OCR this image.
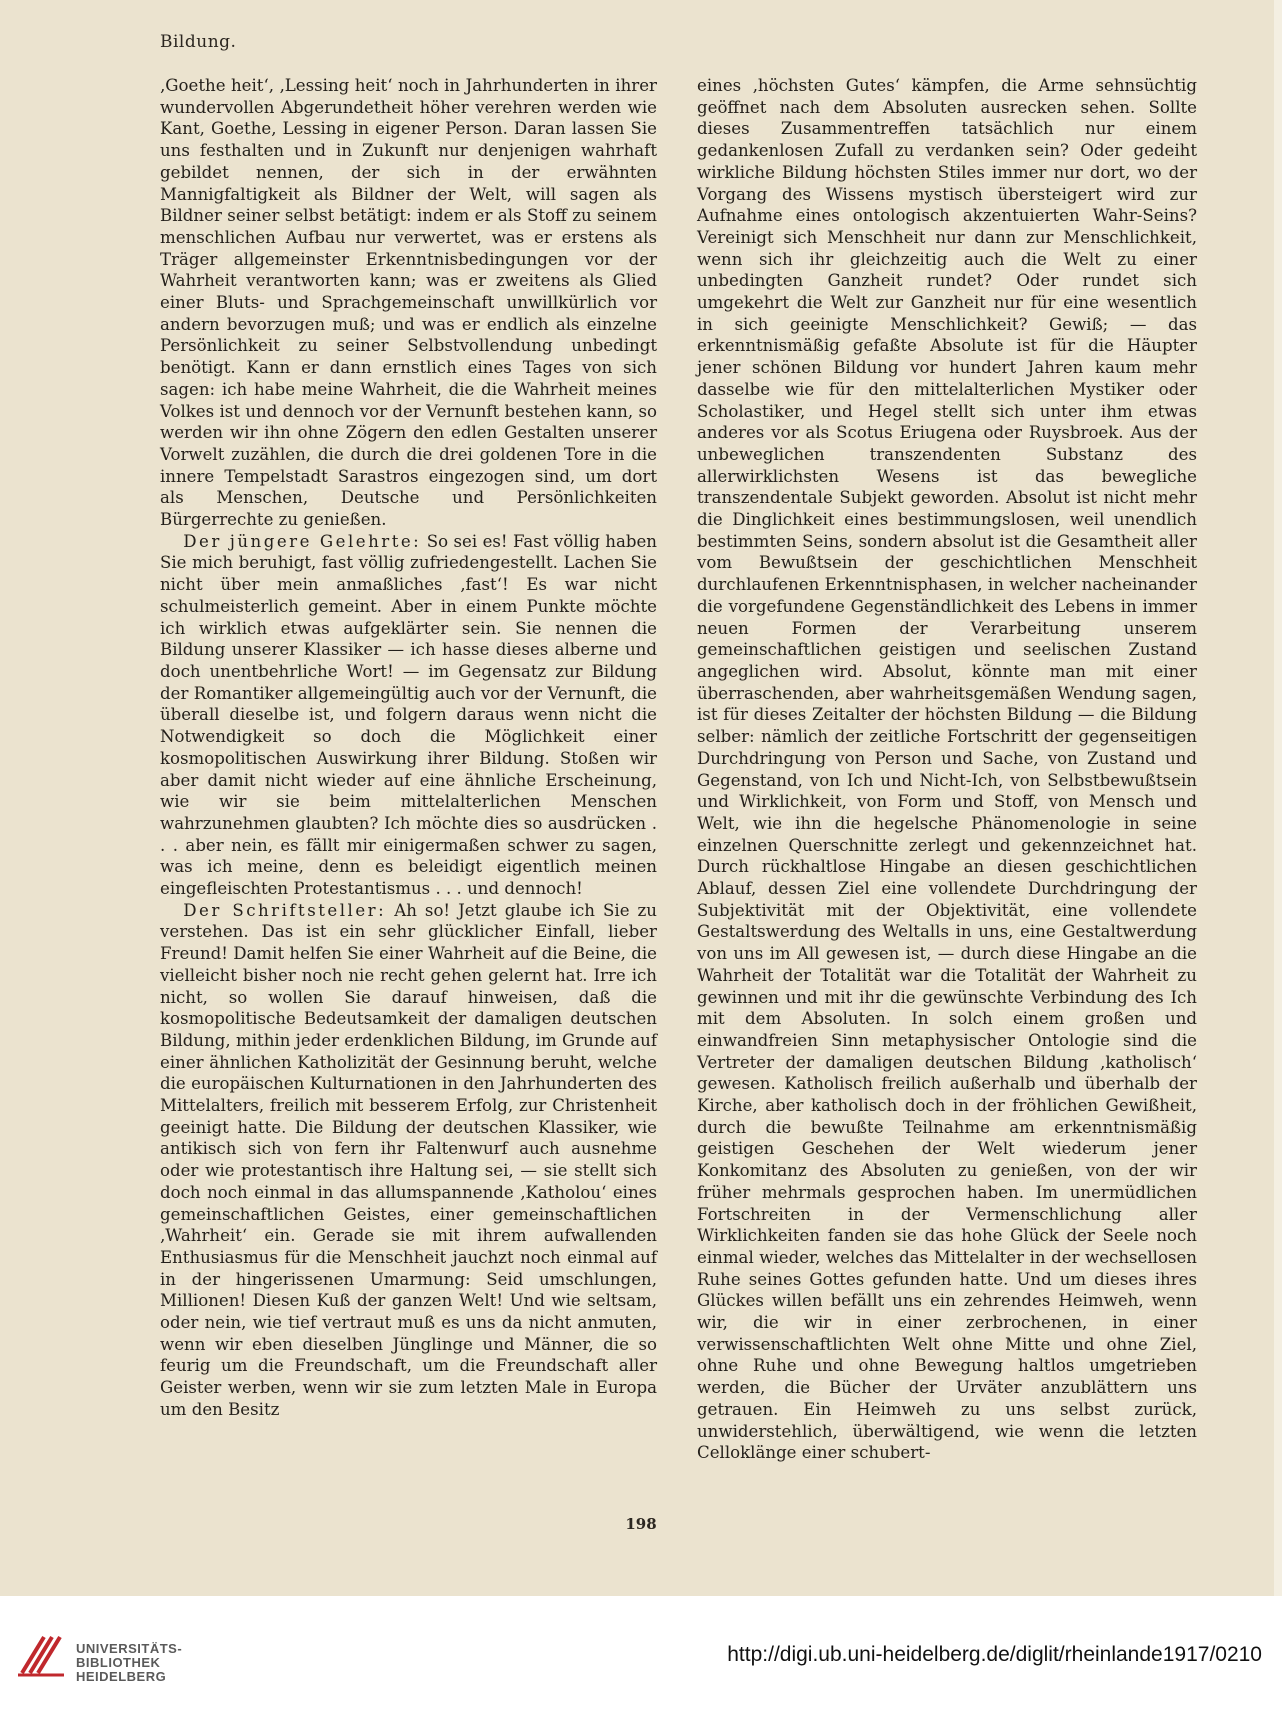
Bildung.

‚Goethe heit‘, ‚Lessing heit‘ noch in Jahrhunderten in ihrer wundervollen Abgerundetheit höher verehren werden wie Kant, Goethe, Lessing in eigener Person. Daran lassen Sie uns festhalten und in Zukunft nur denjenigen wahrhaft gebildet nennen, der sich in der erwähnten Mannigfaltigkeit als Bildner der Welt, will sagen als Bildner seiner selbst betätigt: indem er als Stoff zu seinem menschlichen Aufbau nur verwertet, was er erstens als Träger allgemeinster Erkenntnisbedingungen vor der Wahrheit verantworten kann; was er zweitens als Glied einer Bluts- und Sprachgemeinschaft unwillkürlich vor andern bevorzugen muß; und was er endlich als einzelne Persönlichkeit zu seiner Selbstvollendung unbedingt benötigt. Kann er dann ernstlich eines Tages von sich sagen: ich habe meine Wahrheit, die die Wahrheit meines Volkes ist und dennoch vor der Vernunft bestehen kann, so werden wir ihn ohne Zögern den edlen Gestalten unserer Vorwelt zuzählen, die durch die drei goldenen Tore in die innere Tempelstadt Sarastros eingezogen sind, um dort als Menschen, Deutsche und Persönlichkeiten Bürgerrechte zu genießen.

Der jüngere Gelehrte: So sei es! Fast völlig haben Sie mich beruhigt, fast völlig zufriedengestellt. Lachen Sie nicht über mein anmaßliches ‚fast‘! Es war nicht schulmeisterlich gemeint. Aber in einem Punkte möchte ich wirklich etwas aufgeklärter sein. Sie nennen die Bildung unserer Klassiker — ich hasse dieses alberne und doch unentbehrliche Wort! — im Gegensatz zur Bildung der Romantiker allgemeingültig auch vor der Vernunft, die überall dieselbe ist, und folgern daraus wenn nicht die Notwendigkeit so doch die Möglichkeit einer kosmopolitischen Auswirkung ihrer Bildung. Stoßen wir aber damit nicht wieder auf eine ähnliche Erscheinung, wie wir sie beim mittelalterlichen Menschen wahrzunehmen glaubten? Ich möchte dies so ausdrücken . . . aber nein, es fällt mir einigermaßen schwer zu sagen, was ich meine, denn es beleidigt eigentlich meinen eingefleischten Protestantismus . . . und dennoch!

Der Schriftsteller: Ah so! Jetzt glaube ich Sie zu verstehen. Das ist ein sehr glücklicher Einfall, lieber Freund! Damit helfen Sie einer Wahrheit auf die Beine, die vielleicht bisher noch nie recht gehen gelernt hat. Irre ich nicht, so wollen Sie darauf hinweisen, daß die kosmopolitische Bedeutsamkeit der damaligen deutschen Bildung, mithin jeder erdenklichen Bildung, im Grunde auf einer ähnlichen Katholizität der Gesinnung beruht, welche die europäischen Kulturnationen in den Jahrhunderten des Mittelalters, freilich mit besserem Erfolg, zur Christenheit geeinigt hatte. Die Bildung der deutschen Klassiker, wie antikisch sich von fern ihr Faltenwurf auch ausnehme oder wie protestantisch ihre Haltung sei, — sie stellt sich doch noch einmal in das allumspannende ‚Katholou‘ eines gemeinschaftlichen Geistes, einer gemeinschaftlichen ‚Wahrheit‘ ein. Gerade sie mit ihrem aufwallenden Enthusiasmus für die Menschheit jauchzt noch einmal auf in der hingerissenen Umarmung: Seid umschlungen, Millionen! Diesen Kuß der ganzen Welt! Und wie seltsam, oder nein, wie tief vertraut muß es uns da nicht anmuten, wenn wir eben dieselben Jünglinge und Männer, die so feurig um die Freundschaft, um die Freundschaft aller Geister werben, wenn wir sie zum letzten Male in Europa um den Besitz

eines ‚höchsten Gutes‘ kämpfen, die Arme sehnsüchtig geöffnet nach dem Absoluten ausrecken sehen. Sollte dieses Zusammentreffen tatsächlich nur einem gedankenlosen Zufall zu verdanken sein? Oder gedeiht wirkliche Bildung höchsten Stiles immer nur dort, wo der Vorgang des Wissens mystisch übersteigert wird zur Aufnahme eines ontologisch akzentuierten Wahr-Seins? Vereinigt sich Menschheit nur dann zur Menschlichkeit, wenn sich ihr gleichzeitig auch die Welt zu einer unbedingten Ganzheit rundet? Oder rundet sich umgekehrt die Welt zur Ganzheit nur für eine wesentlich in sich geeinigte Menschlichkeit? Gewiß; — das erkenntnismäßig gefaßte Absolute ist für die Häupter jener schönen Bildung vor hundert Jahren kaum mehr dasselbe wie für den mittelalterlichen Mystiker oder Scholastiker, und Hegel stellt sich unter ihm etwas anderes vor als Scotus Eriugena oder Ruysbroek. Aus der unbeweglichen transzendenten Substanz des allerwirklichsten Wesens ist das bewegliche transzendentale Subjekt geworden. Absolut ist nicht mehr die Dinglichkeit eines bestimmungslosen, weil unendlich bestimmten Seins, sondern absolut ist die Gesamtheit aller vom Bewußtsein der geschichtlichen Menschheit durchlaufenen Erkenntnisphasen, in welcher nacheinander die vorgefundene Gegenständlichkeit des Lebens in immer neuen Formen der Verarbeitung unserem gemeinschaftlichen geistigen und seelischen Zustand angeglichen wird. Absolut, könnte man mit einer überraschenden, aber wahrheitsgemäßen Wendung sagen, ist für dieses Zeitalter der höchsten Bildung — die Bildung selber: nämlich der zeitliche Fortschritt der gegenseitigen Durchdringung von Person und Sache, von Zustand und Gegenstand, von Ich und Nicht-Ich, von Selbstbewußtsein und Wirklichkeit, von Form und Stoff, von Mensch und Welt, wie ihn die hegelsche Phänomenologie in seine einzelnen Querschnitte zerlegt und gekennzeichnet hat. Durch rückhaltlose Hingabe an diesen geschichtlichen Ablauf, dessen Ziel eine vollendete Durchdringung der Subjektivität mit der Objektivität, eine vollendete Gestaltswerdung des Weltalls in uns, eine Gestaltwerdung von uns im All gewesen ist, — durch diese Hingabe an die Wahrheit der Totalität war die Totalität der Wahrheit zu gewinnen und mit ihr die gewünschte Verbindung des Ich mit dem Absoluten. In solch einem großen und einwandfreien Sinn metaphysischer Ontologie sind die Vertreter der damaligen deutschen Bildung ‚katholisch‘ gewesen. Katholisch freilich außerhalb und überhalb der Kirche, aber katholisch doch in der fröhlichen Gewißheit, durch die bewußte Teilnahme am erkenntnismäßig geistigen Geschehen der Welt wiederum jener Konkomitanz des Absoluten zu genießen, von der wir früher mehrmals gesprochen haben. Im unermüdlichen Fortschreiten in der Vermenschlichung aller Wirklichkeiten fanden sie das hohe Glück der Seele noch einmal wieder, welches das Mittelalter in der wechsellosen Ruhe seines Gottes gefunden hatte. Und um dieses ihres Glückes willen befällt uns ein zehrendes Heimweh, wenn wir, die wir in einer zerbrochenen, in einer verwissenschaftlichten Welt ohne Mitte und ohne Ziel, ohne Ruhe und ohne Bewegung haltlos umgetrieben werden, die Bücher der Urväter anzublättern uns getrauen. Ein Heimweh zu uns selbst zurück, unwiderstehlich, überwältigend, wie wenn die letzten Celloklänge einer schubert-

198
UNIVERSITÄTS-
BIBLIOTHEK
HEIDELBERG
http://digi.ub.uni-heidelberg.de/diglit/rheinlande1917/0210
